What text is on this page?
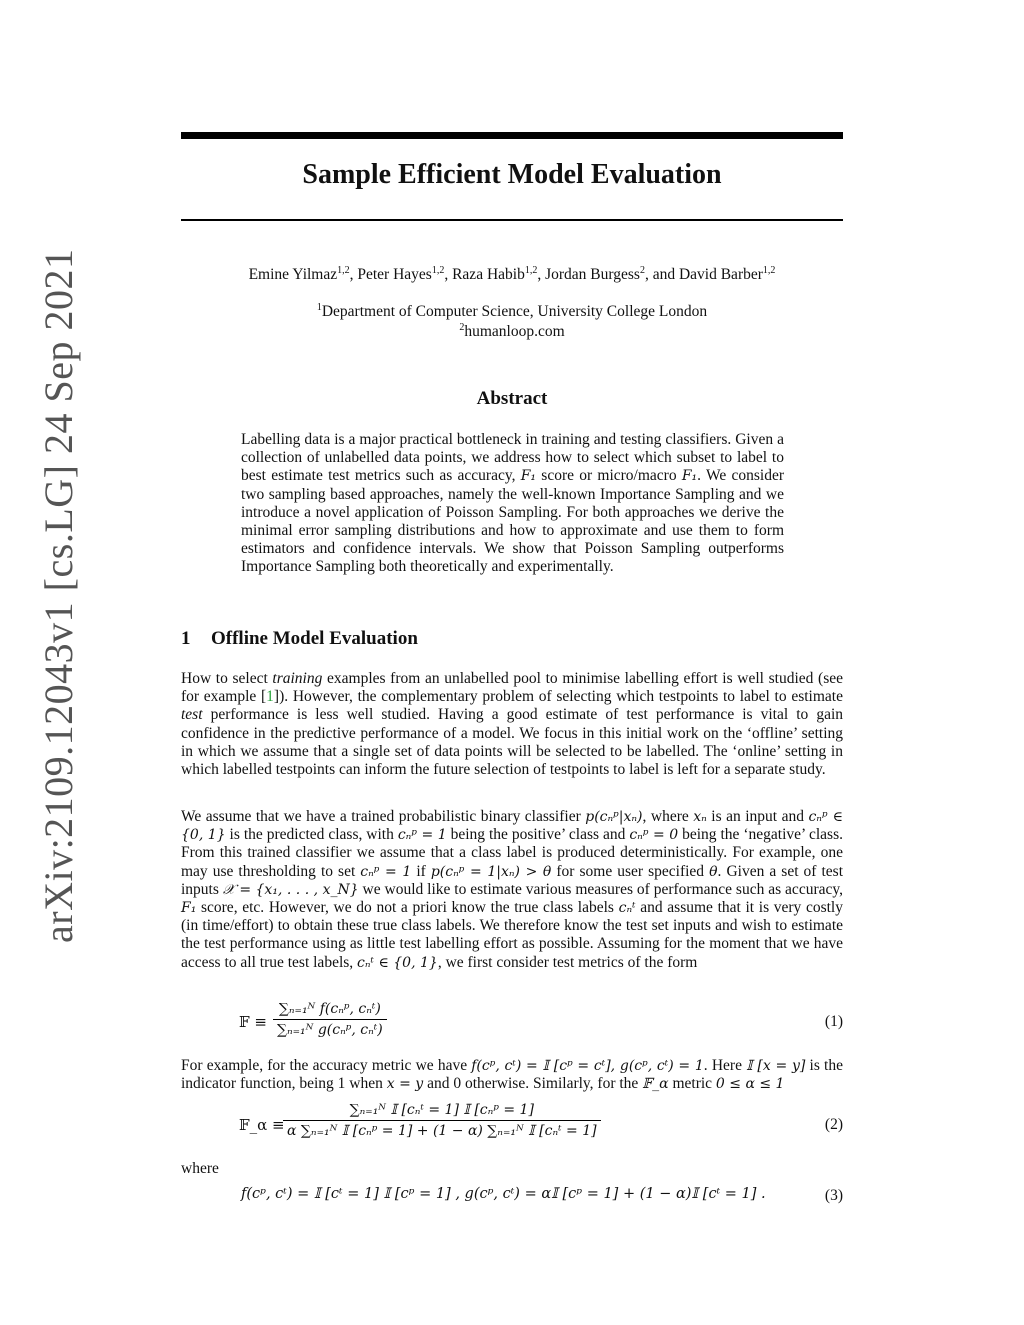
arXiv:2109.12043v1 [cs.LG] 24 Sep 2021
Sample Efficient Model Evaluation
Emine Yilmaz$^{1,2}$, Peter Hayes$^{1,2}$, Raza Habib$^{1,2}$, Jordan Burgess$^2$, and David Barber$^{1,2}$
$^1$Department of Computer Science, University College London
$^2$humanloop.com
Abstract

Labelling data is a major practical bottleneck in training and testing classifiers. Given a collection of unlabelled data points, we address how to select which subset to label to best estimate test metrics such as accuracy, F₁ score or micro/macro F₁. We consider two sampling based approaches, namely the well-known Importance Sampling and we introduce a novel application of Poisson Sampling. For both approaches we derive the minimal error sampling distributions and how to approximate and use them to form estimators and confidence intervals. We show that Poisson Sampling outperforms Importance Sampling both theoretically and experimentally.

1 Offline Model Evaluation

How to select training examples from an unlabelled pool to minimise labelling effort is well studied (see for example [1]). However, the complementary problem of selecting which testpoints to label to estimate test performance is less well studied. Having a good estimate of test performance is vital to gain confidence in the predictive performance of a model. We focus in this initial work on the ‘offline’ setting in which we assume that a single set of data points will be selected to be labelled. The ‘online’ setting in which labelled testpoints can inform the future selection of testpoints to label is left for a separate study.

We assume that we have a trained probabilistic binary classifier p(cₙᵖ|xₙ), where xₙ is an input and cₙᵖ ∈ {0, 1} is the predicted class, with cₙᵖ = 1 being the positive’ class and cₙᵖ = 0 being the ‘negative’ class. From this trained classifier we assume that a class label is produced deterministically. For example, one may use thresholding to set cₙᵖ = 1 if p(cₙᵖ = 1|xₙ) > θ for some user specified θ. Given a set of test inputs 𝒳 = {x₁, . . . , x_N} we would like to estimate various measures of performance such as accuracy, F₁ score, etc. However, we do not a priori know the true class labels cₙᵗ and assume that it is very costly (in time/effort) to obtain these true class labels. We therefore know the test set inputs and wish to estimate the test performance using as little test labelling effort as possible. Assuming for the moment that we have access to all true test labels, cₙᵗ ∈ {0, 1}, we first consider test metrics of the form

𝔽 ≡
∑ₙ₌₁ᴺ f(cₙᵖ, cₙᵗ)
∑ₙ₌₁ᴺ g(cₙᵖ, cₙᵗ)	(1)

For example, for the accuracy metric we have f(cᵖ, cᵗ) = 𝕀 [cᵖ = cᵗ], g(cᵖ, cᵗ) = 1. Here 𝕀 [x = y] is the indicator function, being 1 when x = y and 0 otherwise. Similarly, for the 𝔽_α metric 0 ≤ α ≤ 1

𝔽_α ≡
∑ₙ₌₁ᴺ 𝕀 [cₙᵗ = 1] 𝕀 [cₙᵖ = 1]
α ∑ₙ₌₁ᴺ 𝕀 [cₙᵖ = 1] + (1 − α) ∑ₙ₌₁ᴺ 𝕀 [cₙᵗ = 1]	(2)
where
f(cᵖ, cᵗ) = 𝕀 [cᵗ = 1] 𝕀 [cᵖ = 1] , g(cᵖ, cᵗ) = α𝕀 [cᵖ = 1] + (1 − α)𝕀 [cᵗ = 1] .	(3)
